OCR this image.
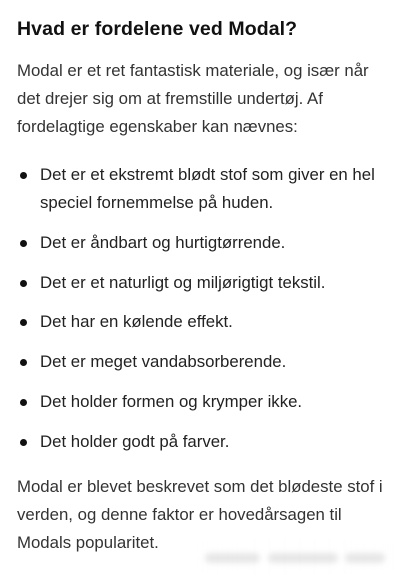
Hvad er fordelene ved Modal?

Modal er et ret fantastisk materiale, og især når det drejer sig om at fremstille undertøj. Af fordelagtige egenskaber kan nævnes:

Det er et ekstremt blødt stof som giver en hel speciel fornemmelse på huden.
Det er åndbart og hurtigtørrende.
Det er et naturligt og miljørigtigt tekstil.
Det har en kølende effekt.
Det er meget vandabsorberende.
Det holder formen og krymper ikke.
Det holder godt på farver.

Modal er blevet beskrevet som det blødeste stof i verden, og denne faktor er hovedårsagen til Modals popularitet.
